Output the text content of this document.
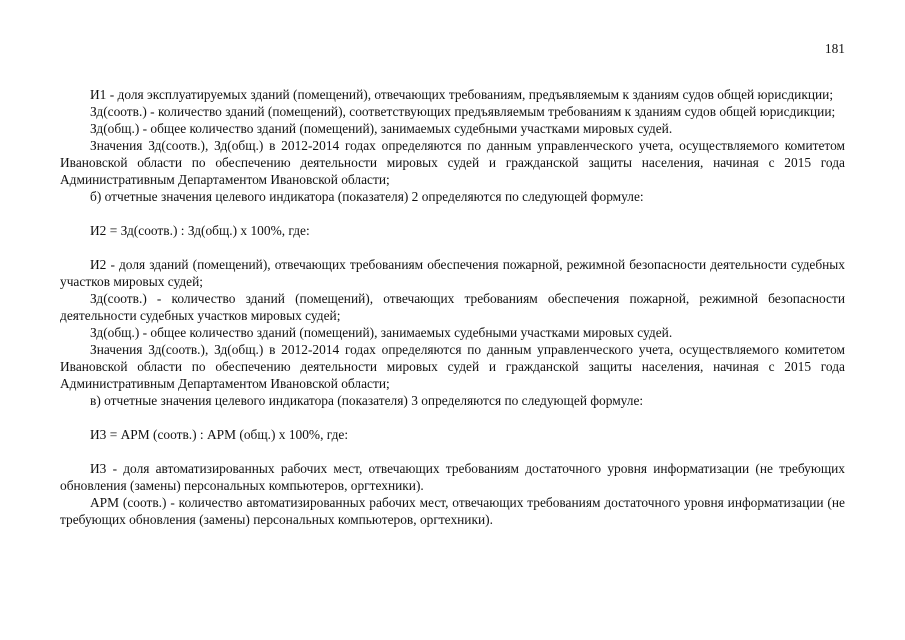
181

И1 - доля эксплуатируемых зданий (помещений), отвечающих требованиям, предъявляемым к зданиям судов общей юрисдикции;

Зд(соотв.) - количество зданий (помещений), соответствующих предъявляемым требованиям к зданиям судов общей юрисдикции;

Зд(общ.) - общее количество зданий (помещений), занимаемых судебными участками мировых судей.

Значения Зд(соотв.), Зд(общ.) в 2012-2014 годах определяются по данным управленческого учета, осуществляемого комитетом Ивановской области по обеспечению деятельности мировых судей и гражданской защиты населения, начиная с 2015 года Административным Департаментом Ивановской области;

б) отчетные значения целевого индикатора (показателя) 2 определяются по следующей формуле:

И2 = Зд(соотв.) : Зд(общ.) x 100%, где:

И2 - доля зданий (помещений), отвечающих требованиям обеспечения пожарной, режимной безопасности деятельности судебных участков мировых судей;

Зд(соотв.) - количество зданий (помещений), отвечающих требованиям обеспечения пожарной, режимной безопасности деятельности судебных участков мировых судей;

Зд(общ.) - общее количество зданий (помещений), занимаемых судебными участками мировых судей.

Значения Зд(соотв.), Зд(общ.) в 2012-2014 годах определяются по данным управленческого учета, осуществляемого комитетом Ивановской области по обеспечению деятельности мировых судей и гражданской защиты населения, начиная с 2015 года Административным Департаментом Ивановской области;

в) отчетные значения целевого индикатора (показателя) 3 определяются по следующей формуле:

И3 = АРМ (соотв.) : АРМ (общ.) x 100%, где:

И3 - доля автоматизированных рабочих мест, отвечающих требованиям достаточного уровня информатизации (не требующих обновления (замены) персональных компьютеров, оргтехники).

АРМ (соотв.) - количество автоматизированных рабочих мест, отвечающих требованиям достаточного уровня информатизации (не требующих обновления (замены) персональных компьютеров, оргтехники).
